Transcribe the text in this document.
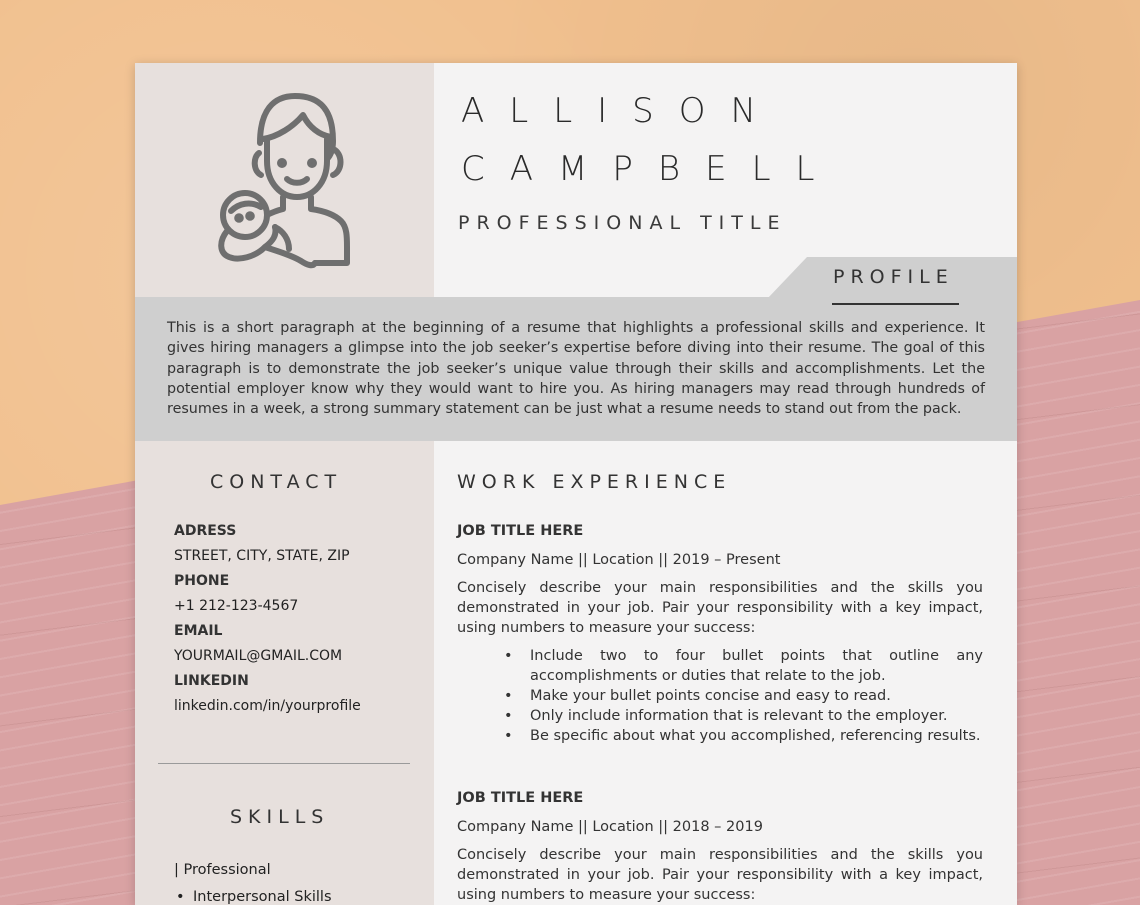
ALLISON
CAMPBELL
PROFESSIONAL TITLE
PROFILE

This is a short paragraph at the beginning of a resume that highlights a professional skills and experience. It gives hiring managers a glimpse into the job seeker’s expertise before diving into their resume. The goal of this paragraph is to demonstrate the job seeker’s unique value through their skills and accomplishments. Let the potential employer know why they would want to hire you. As hiring managers may read through hundreds of resumes in a week, a strong summary statement can be just what a resume needs to stand out from the pack.

CONTACT
ADRESS
STREET, CITY, STATE, ZIP
PHONE
+1 212-123-4567
EMAIL
YOURMAIL@GMAIL.COM
LINKEDIN
linkedin.com/in/yourprofile
SKILLS
| Professional
• Interpersonal Skills
WORK EXPERIENCE
JOB TITLE HERE
Company Name || Location || 2019 – Present

Concisely describe your main responsibilities and the skills you demonstrated in your job. Pair your responsibility with a key impact, using numbers to measure your success:

• Include two to four bullet points that outline any accomplishments or duties that relate to the job.
• Make your bullet points concise and easy to read.
• Only include information that is relevant to the employer.
• Be specific about what you accomplished, referencing results.
JOB TITLE HERE
Company Name || Location || 2018 – 2019

Concisely describe your main responsibilities and the skills you demonstrated in your job. Pair your responsibility with a key impact, using numbers to measure your success:
